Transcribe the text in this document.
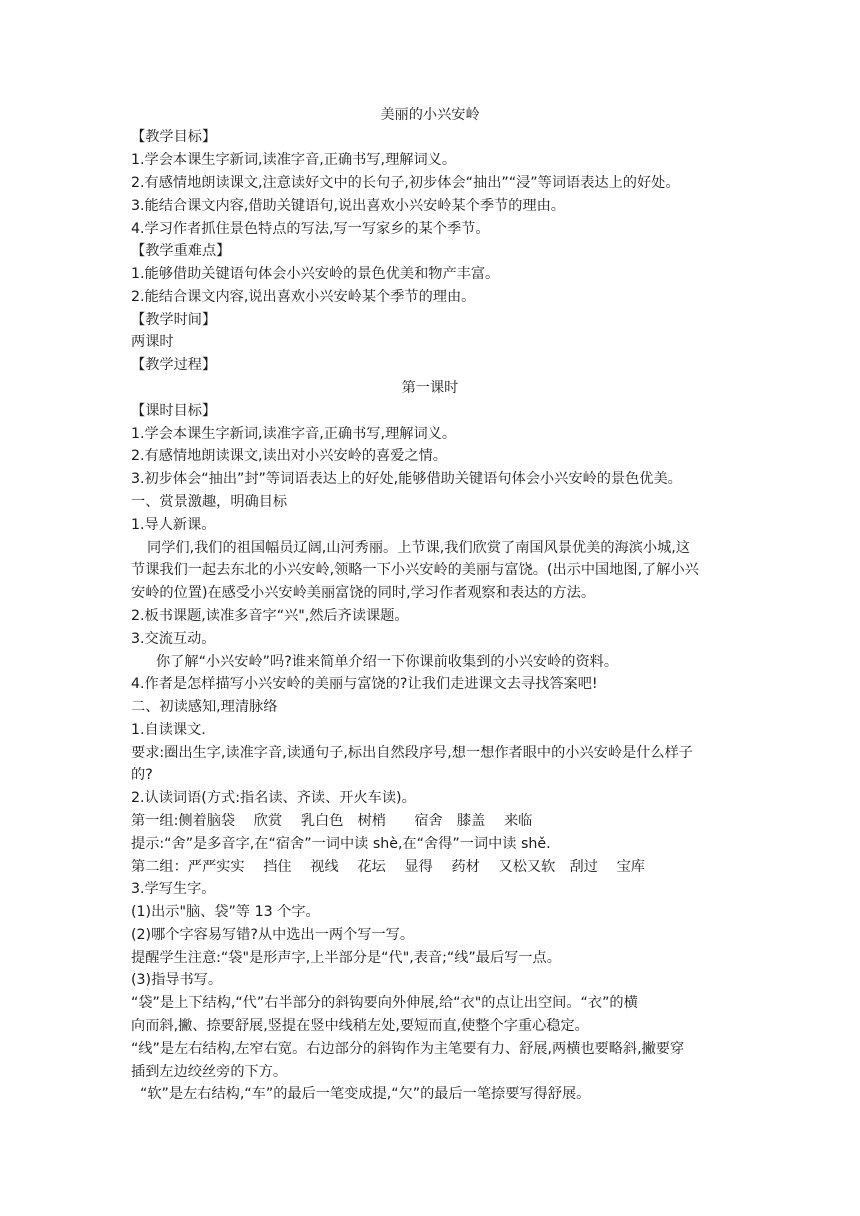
美丽的小兴安岭
【教学目标】
1.学会本课生字新词,读准字音,正确书写,理解词义。
2.有感情地朗读课文,注意读好文中的长句子,初步体会“抽出”“浸”等词语表达上的好处。
3.能结合课文内容,借助关键语句,说出喜欢小兴安岭某个季节的理由。
4.学习作者抓住景色特点的写法,写一写家乡的某个季节。
【教学重难点】
1.能够借助关键语句体会小兴安岭的景色优美和物产丰富。
2.能结合课文内容,说出喜欢小兴安岭某个季节的理由。
【教学时间】
两课时
【教学过程】
第一课时
【课时目标】
1.学会本课生字新词,读准字音,正确书写,理解词义。
2.有感情地朗读课文,读出对小兴安岭的喜爱之情。
3.初步体会“抽出”封”等词语表达上的好处,能够借助关键语句体会小兴安岭的景色优美。
一、赏景激趣，明确目标
1.导人新课。
同学们,我们的祖国幅员辽阔,山河秀丽。上节课,我们欣赏了南国风景优美的海滨小城,这
节课我们一起去东北的小兴安岭,领略一下小兴安岭的美丽与富饶。(出示中国地图,了解小兴
安岭的位置)在感受小兴安岭美丽富饶的同时,学习作者观察和表达的方法。
2.板书课题,读准多音字“兴",然后齐读课题。
3.交流互动。
你了解“小兴安岭”吗?谁来简单介绍一下你课前收集到的小兴安岭的资料。
4.作者是怎样描写小兴安岭的美丽与富饶的?让我们走进课文去寻找答案吧!
二、初读感知,理清脉络
1.自读课文.
要求:圈出生字,读准字音,读通句子,标出自然段序号,想一想作者眼中的小兴安岭是什么样子
的?
2.认读词语(方式:指名读、齐读、开火车读)。
第一组:侧着脑袋　 欣赏　 乳白色　树梢　　宿舍　膝盖　 来临
提示:“舍”是多音字,在“宿舍”一词中读 shè,在“舍得”一词中读 shě.
第二组：严严实实　 挡住　 视线　 花坛　 显得　 药材　 又松又软　刮过　 宝库
3.学写生字。
(1)出示"脑、袋”等 13 个字。
(2)哪个字容易写错?从中选出一两个写一写。
提醒学生注意:“袋"是形声字,上半部分是“代",表音;“线”最后写一点。
(3)指导书写。
“袋”是上下结构,“代”右半部分的斜钩要向外伸展,给“衣"的点让出空间。“衣”的横
向而斜,撇、捺要舒展,竖提在竖中线稍左处,要短而直,使整个字重心稳定。
“线”是左右结构,左窄右宽。右边部分的斜钩作为主笔要有力、舒展,两横也要略斜,撇要穿
插到左边绞丝旁的下方。
“软”是左右结构,“车”的最后一笔变成提,“欠”的最后一笔捺要写得舒展。
